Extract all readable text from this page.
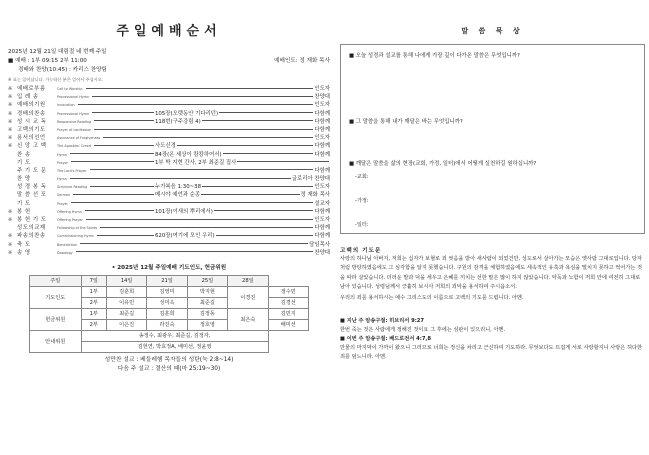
주일예배순서
2025년 12월 21일 대림절 네 번째 주일
■ 예배 : 1부 09:15 2부 11:00	예배인도: 정 재화 목사
경배와 찬양(10:45) : 카리스 찬양팀
※ 표는 일어납니다. 가능하신 분은 일어서 주십시오.
※ 예배로부름	Call to Worship	인도자
※ 입 례 송	Processional Hymn	찬양대
※ 예배의기원	Invocation	인도자
※ 경배의찬송	Processional Hymn	다함께
105장(오랫동안 기다리던)
※ 성 시 교 독	Responsive Reading	다함께
118번(구주강림 4)
※ 고백의기도	Prayer of confession	다함께
※ 용서의선언	Assurance of Forgiveness	인도자
※ 신 앙 고 백	The Apostles' Creed	다함께
사도신경
찬 송	Hymn	다함께
84장(온 세상이 캄캄하여서)
기 도	Prayer	1부 박 지현 간사, 2부 최준길 집사
주 기 도 문	The Lord's Prayer	다함께
찬 양	Hymn	글로리아 찬양대
성 경 봉 독	Scripture Reading	인도자
누가복음 1:30~38
말 씀 선 포	Sermon	정 재화 목사
메시야 예언과 순종
기 도	Prayer	설교자
※ 봉 헌	Offering Hymn	다함께
101장(이새의 뿌리에서)
※ 봉 헌 기 도	Offering Prayer	인도자
성도의교제	Fellowship of the Saints	다함께
※ 파송의찬송	Commissioning Hymn	다함께
620장(여기에 모인 우리)
※ 축 도	Benediction	담임목사
※ 송 영	Doxology	찬양대
• 2025년 12월 주일예배 기도인도, 헌금위원
주일	7일	14일	21일	25일	28일	
기도인도	1부	김훈희	김영미	박지현	이경진	정수민
	2부	이유민	성미옥	최준길		김경선
헌금위원	1부	최준길	김훈희	김정동	최은숙	김민지
	2부	이은진	라진숙	정호영		배미선
안내위원	송정수, 최광우, 최준길, 김정자,					
	김헌연, 박효정A, 배미선, 정윤영					
성만찬 설교 : 베들레헴 목자들의 성탄(눅 2:8~14)
다음 주 설교 : 결산의 때(마 25:19~30)
말 씀 묵 상
■ 오늘 성경과 설교를 통해 나에게 가장 깊이 다가온 말씀은 무엇입니까?
■ 그 말씀을 통해 내가 깨달은 바는 무엇입니까?
■ 깨달은 말씀을 삶의 현장(교회, 가정, 일터)에서 어떻게 실천하길 원하십니까?
-교회:
-가정:
-일터:
고백의 기도문
사랑의 하나님 아버지, 저희는 십자가 보혈로 죄 씻음을 받아 새사람이 되었건만, 성도로서 살아가는 모습은 옛사람 그대로입니다. 탕자처럼 방탕하였음에도 그 심각함을 알지 못했습니다. 구원의 감격을 체험하였음에도 세속적인 유혹과 욕심을 떨치지 못하고 썩어가는 것을 따라 살았습니다. 더러운 말과 덕을 세우고 은혜를 끼치는 선한 말은 많이 하지 않았습니다. 악독과 노함이 저희 안에 여전히 그대로 남아 있습니다. 성령님께서 긍휼히 보시사 저희의 죄악을 용서하여 주시옵소서.
우리의 죄를 용서하시는 예수 그리스도의 이름으로 고백의 기도를 드립니다. 아멘.
■ 지난 주 암송구절: 히브리서 9:27
한번 죽는 것은 사람에게 정해진 것이요 그 후에는 심판이 있으리니, 아멘.
■ 이번 주 암송구절: 베드로전서 4:7,8
만물의 마지막이 가까이 왔으니 그러므로 너희는 정신을 차리고 근신하여 기도하라. 무엇보다도 뜨겁게 서로 사랑할지니 사랑은 허다한 죄를 덮느니라. 아멘.
